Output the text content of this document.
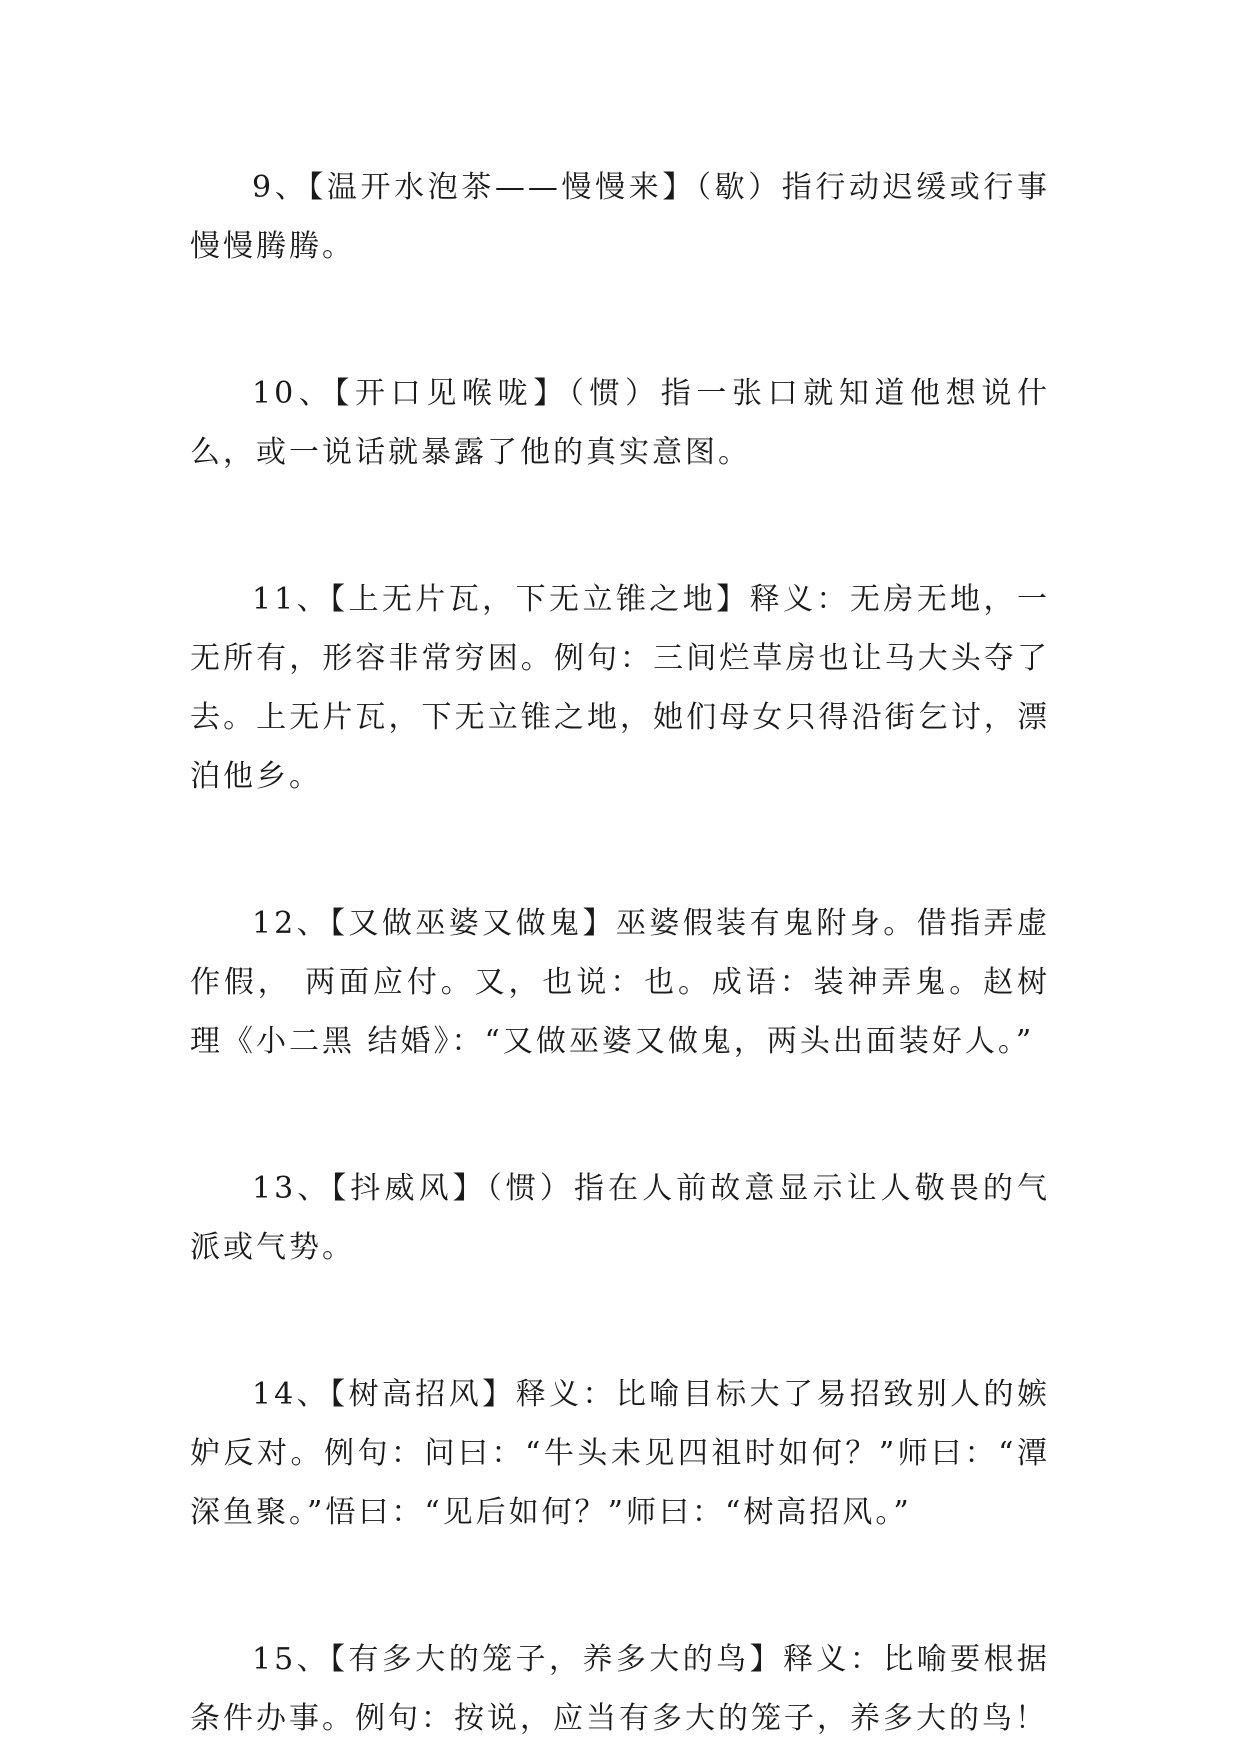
9、【温开水泡茶——慢慢来】（歇）指行动迟缓或行事慢慢腾腾。

10、【开口见喉咙】（惯）指一张口就知道他想说什么，或一说话就暴露了他的真实意图。

11、【上无片瓦，下无立锥之地】释义：无房无地，一无所有，形容非常穷困。例句：三间烂草房也让马大头夺了去。上无片瓦，下无立锥之地，她们母女只得沿街乞讨，漂泊他乡。

12、【又做巫婆又做鬼】巫婆假装有鬼附身。借指弄虚作假， 两面应付。又，也说：也。成语：装神弄鬼。赵树理《小二黑 结婚》：“又做巫婆又做鬼，两头出面装好人。”

13、【抖威风】（惯）指在人前故意显示让人敬畏的气派或气势。

14、【树高招风】释义：比喻目标大了易招致别人的嫉妒反对。例句：问曰：“牛头未见四祖时如何？”师曰：“潭深鱼聚。”悟曰：“见后如何？”师曰：“树高招风。”

15、【有多大的笼子，养多大的鸟】释义：比喻要根据条件办事。例句：按说，应当有多大的笼子，养多大的鸟！
